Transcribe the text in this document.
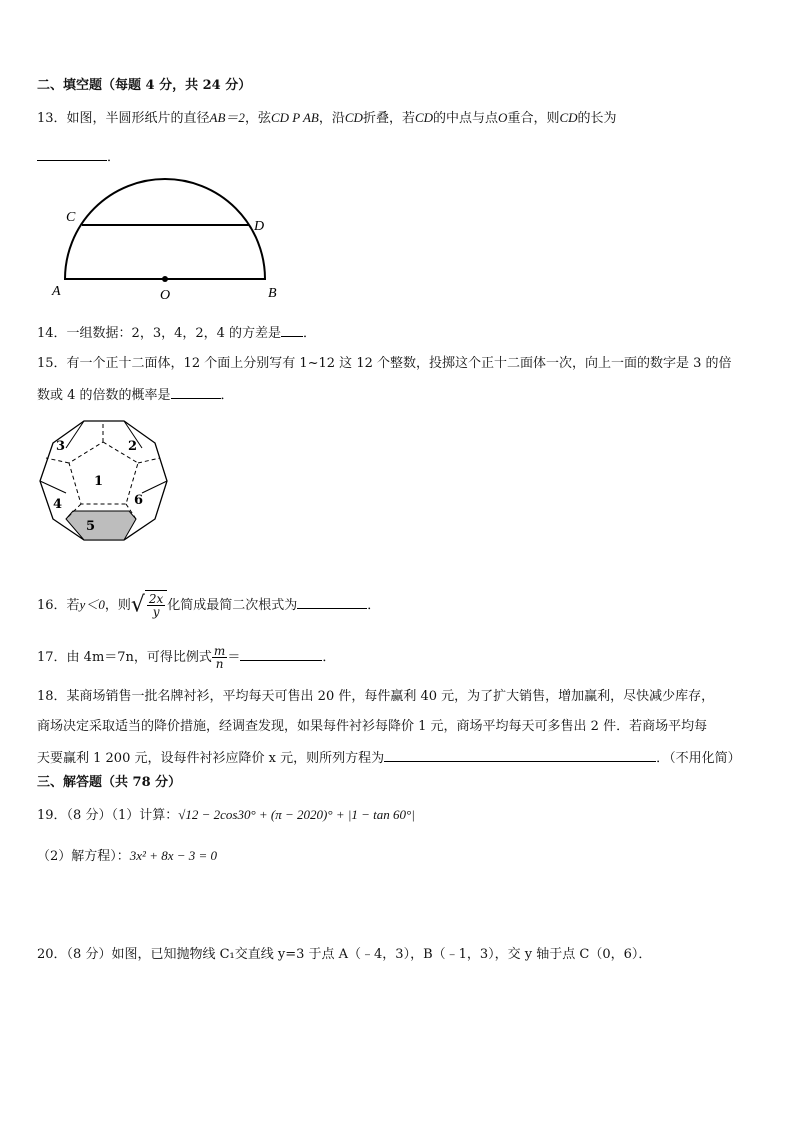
二、填空题（每题 4 分，共 24 分）
13．如图，半圆形纸片的直径AB＝2，弦CD P AB，沿CD折叠，若CD的中点与点O重合，则CD的长为
．
C
D
A	O	B
14．一组数据：2，3，4，2，4 的方差是 ．
15．有一个正十二面体，12 个面上分别写有 1~12 这 12 个整数，投掷这个正十二面体一次，向上一面的数字是 3 的倍
数或 4 的倍数的概率是	．
3	2
1
4	6
5
16．若y＜0，则√ $\frac{2x}{y}$ 化简成最简二次根式为	．
17．由 4m＝7n，可得比例式 $\frac{m}{n}$ ＝	．
18．某商场销售一批名牌衬衫，平均每天可售出 20 件，每件赢利 40 元，为了扩大销售，增加赢利，尽快减少库存，
商场决定采取适当的降价措施，经调查发现，如果每件衬衫每降价 1 元，商场平均每天可多售出 2 件．若商场平均每
天要赢利 1 200 元，设每件衬衫应降价 x 元，则所列方程为	．（不用化简）
三、解答题（共 78 分）
19．（8 分）（1）计算：√12 − 2cos30° + (π − 2020)° + |1 − tan 60°|
（2）解方程）：3x² + 8x − 3 = 0
20．（8 分）如图，已知抛物线 C₁交直线 y=3 于点 A（﹣4，3），B（﹣1，3），交 y 轴于点 C（0，6）．
